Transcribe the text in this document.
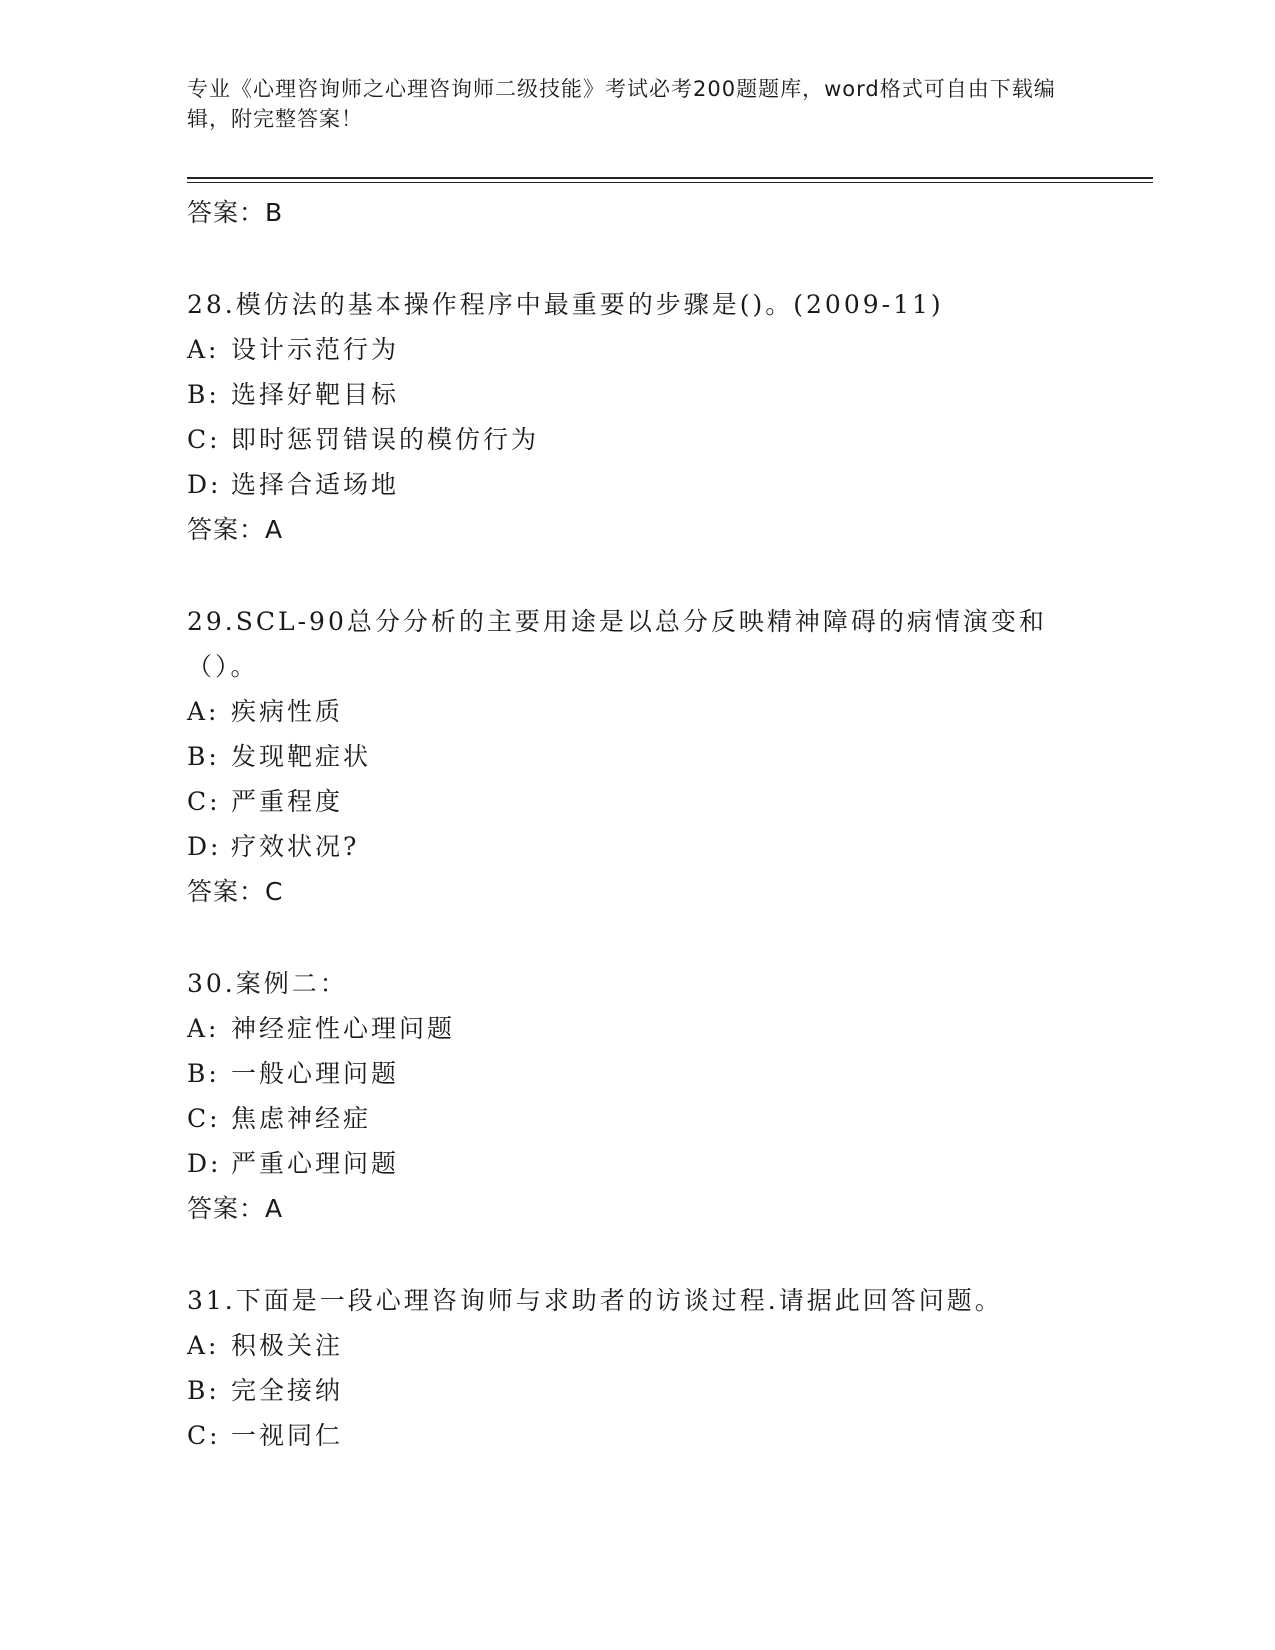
专业《心理咨询师之心理咨询师二级技能》考试必考200题题库，word格式可自由下载编辑，附完整答案！
答案：B
28.模仿法的基本操作程序中最重要的步骤是()。(2009-11)
A: 设计示范行为
B: 选择好靶目标
C: 即时惩罚错误的模仿行为
D: 选择合适场地
答案：A
29.SCL-90总分分析的主要用途是以总分反映精神障碍的病情演变和（）。
A: 疾病性质
B: 发现靶症状
C: 严重程度
D: 疗效状况?
答案：C
30.案例二：
A: 神经症性心理问题
B: 一般心理问题
C: 焦虑神经症
D: 严重心理问题
答案：A
31.下面是一段心理咨询师与求助者的访谈过程.请据此回答问题。
A: 积极关注
B: 完全接纳
C: 一视同仁
